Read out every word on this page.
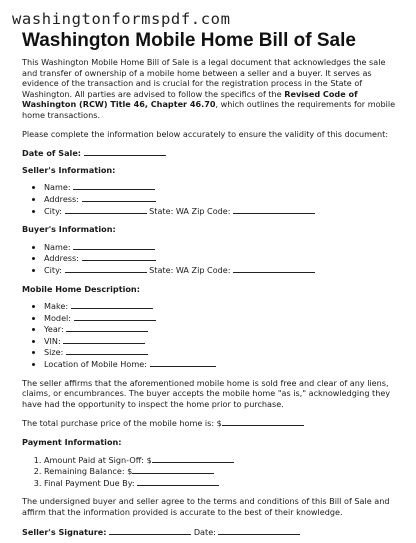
washingtonformspdf.com
Washington Mobile Home Bill of Sale

This Washington Mobile Home Bill of Sale is a legal document that acknowledges the sale and transfer of ownership of a mobile home between a seller and a buyer. It serves as evidence of the transaction and is crucial for the registration process in the State of Washington. All parties are advised to follow the specifics of the Revised Code of Washington (RCW) Title 46, Chapter 46.70, which outlines the requirements for mobile home transactions.

Please complete the information below accurately to ensure the validity of this document:

Date of Sale:

Seller's Information:

• Name:
• Address:
• City:	State: WA Zip Code:

Buyer's Information:

• Name:
• Address:
• City:	State: WA Zip Code:

Mobile Home Description:

• Make:
• Model:
• Year:
• VIN:
• Size:
• Location of Mobile Home:

The seller affirms that the aforementioned mobile home is sold free and clear of any liens, claims, or encumbrances. The buyer accepts the mobile home "as is," acknowledging they have had the opportunity to inspect the home prior to purchase.

The total purchase price of the mobile home is: $

Payment Information:

1. Amount Paid at Sign-Off: $
2. Remaining Balance: $
3. Final Payment Due By:

The undersigned buyer and seller agree to the terms and conditions of this Bill of Sale and affirm that the information provided is accurate to the best of their knowledge.

Seller's Signature:	Date:
